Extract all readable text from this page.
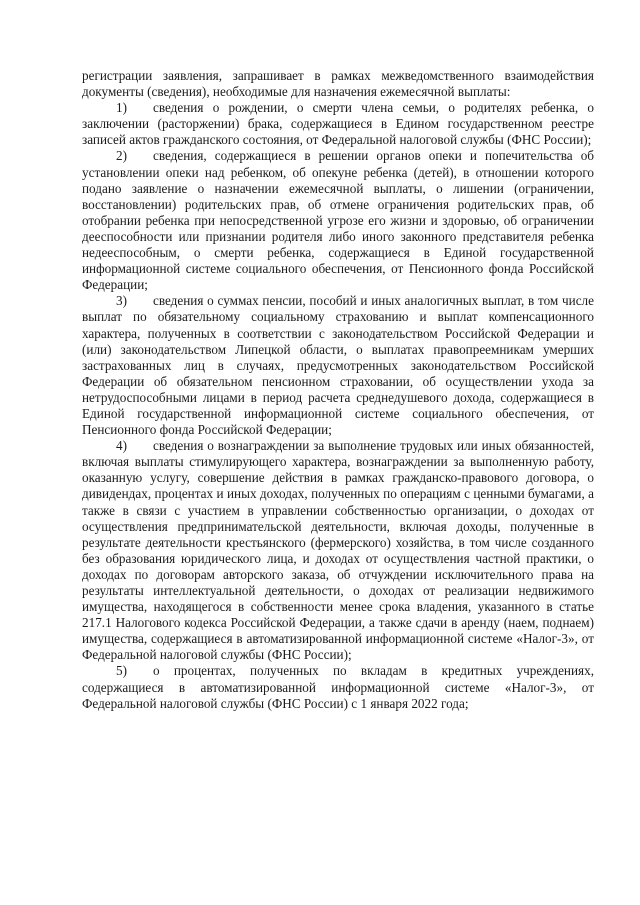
регистрации заявления, запрашивает в рамках межведомственного взаимодействия документы (сведения), необходимые для назначения ежемесячной выплаты:

1) сведения о рождении, о смерти члена семьи, о родителях ребенка, о заключении (расторжении) брака, содержащиеся в Едином государственном реестре записей актов гражданского состояния, от Федеральной налоговой службы (ФНС России);

2) сведения, содержащиеся в решении органов опеки и попечительства об установлении опеки над ребенком, об опекуне ребенка (детей), в отношении которого подано заявление о назначении ежемесячной выплаты, о лишении (ограничении, восстановлении) родительских прав, об отмене ограничения родительских прав, об отобрании ребенка при непосредственной угрозе его жизни и здоровью, об ограничении дееспособности или признании родителя либо иного законного представителя ребенка недееспособным, о смерти ребенка, содержащиеся в Единой государственной информационной системе социального обеспечения, от Пенсионного фонда Российской Федерации;

3) сведения о суммах пенсии, пособий и иных аналогичных выплат, в том числе выплат по обязательному социальному страхованию и выплат компенсационного характера, полученных в соответствии с законодательством Российской Федерации и (или) законодательством Липецкой области, о выплатах правопреемникам умерших застрахованных лиц в случаях, предусмотренных законодательством Российской Федерации об обязательном пенсионном страховании, об осуществлении ухода за нетрудоспособными лицами в период расчета среднедушевого дохода, содержащиеся в Единой государственной информационной системе социального обеспечения, от Пенсионного фонда Российской Федерации;

4) сведения о вознаграждении за выполнение трудовых или иных обязанностей, включая выплаты стимулирующего характера, вознаграждении за выполненную работу, оказанную услугу, совершение действия в рамках гражданско-правового договора, о дивидендах, процентах и иных доходах, полученных по операциям с ценными бумагами, а также в связи с участием в управлении собственностью организации, о доходах от осуществления предпринимательской деятельности, включая доходы, полученные в результате деятельности крестьянского (фермерского) хозяйства, в том числе созданного без образования юридического лица, и доходах от осуществления частной практики, о доходах по договорам авторского заказа, об отчуждении исключительного права на результаты интеллектуальной деятельности, о доходах от реализации недвижимого имущества, находящегося в собственности менее срока владения, указанного в статье 217.1 Налогового кодекса Российской Федерации, а также сдачи в аренду (наем, поднаем) имущества, содержащиеся в автоматизированной информационной системе «Налог-3», от Федеральной налоговой службы (ФНС России);

5) о процентах, полученных по вкладам в кредитных учреждениях, содержащиеся в автоматизированной информационной системе «Налог-3», от Федеральной налоговой службы (ФНС России) с 1 января 2022 года;
